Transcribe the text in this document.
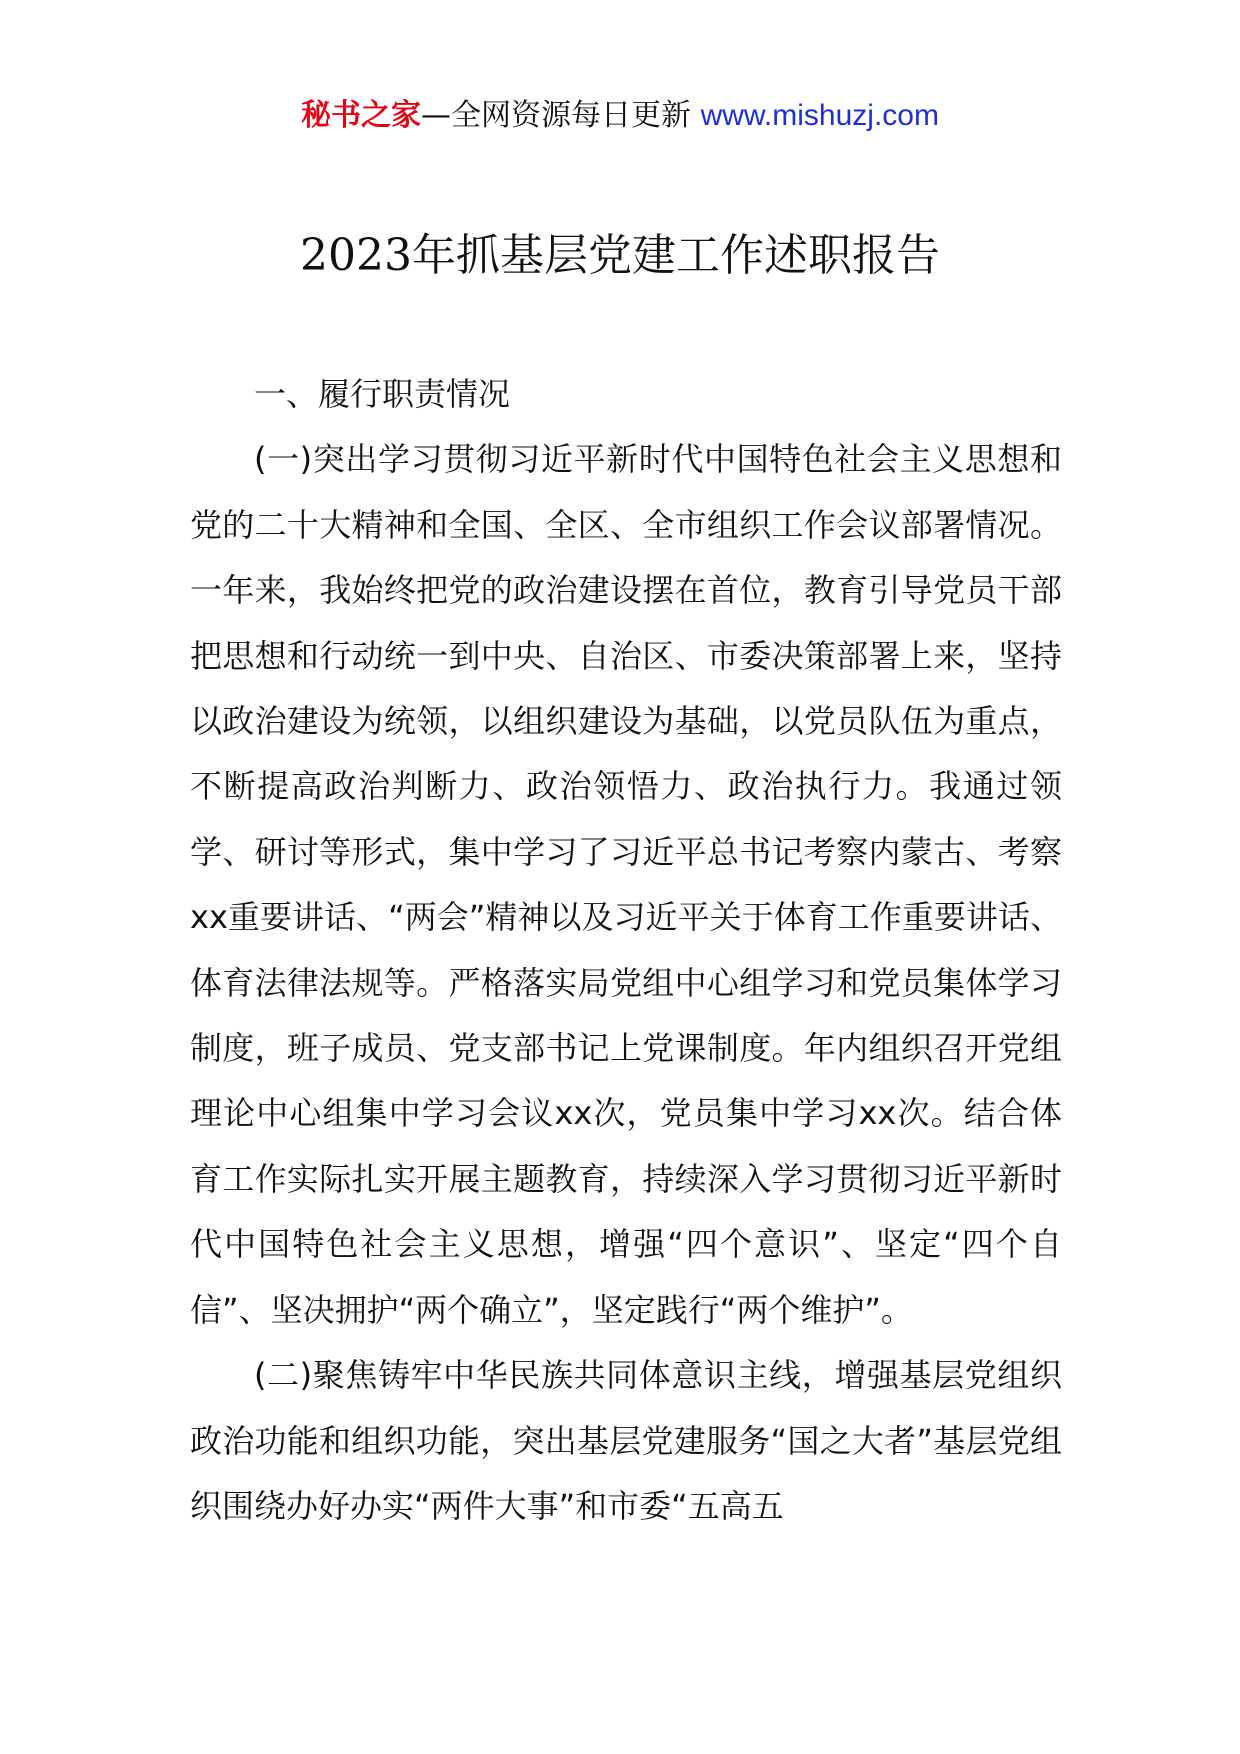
秘书之家—全网资源每日更新 www.mishuzj.com
2023年抓基层党建工作述职报告

一、履行职责情况

(一)突出学习贯彻习近平新时代中国特色社会主义思想和党的二十大精神和全国、全区、全市组织工作会议部署情况。一年来，我始终把党的政治建设摆在首位，教育引导党员干部把思想和行动统一到中央、自治区、市委决策部署上来，坚持以政治建设为统领，以组织建设为基础，以党员队伍为重点，不断提高政治判断力、政治领悟力、政治执行力。我通过领学、研讨等形式，集中学习了习近平总书记考察内蒙古、考察xx重要讲话、“两会”精神以及习近平关于体育工作重要讲话、体育法律法规等。严格落实局党组中心组学习和党员集体学习制度，班子成员、党支部书记上党课制度。年内组织召开党组理论中心组集中学习会议xx次，党员集中学习xx次。结合体育工作实际扎实开展主题教育，持续深入学习贯彻习近平新时代中国特色社会主义思想，增强“四个意识”、坚定“四个自信”、坚决拥护“两个确立”，坚定践行“两个维护”。

(二)聚焦铸牢中华民族共同体意识主线，增强基层党组织政治功能和组织功能，突出基层党建服务“国之大者”基层党组织围绕办好办实“两件大事”和市委“五高五
